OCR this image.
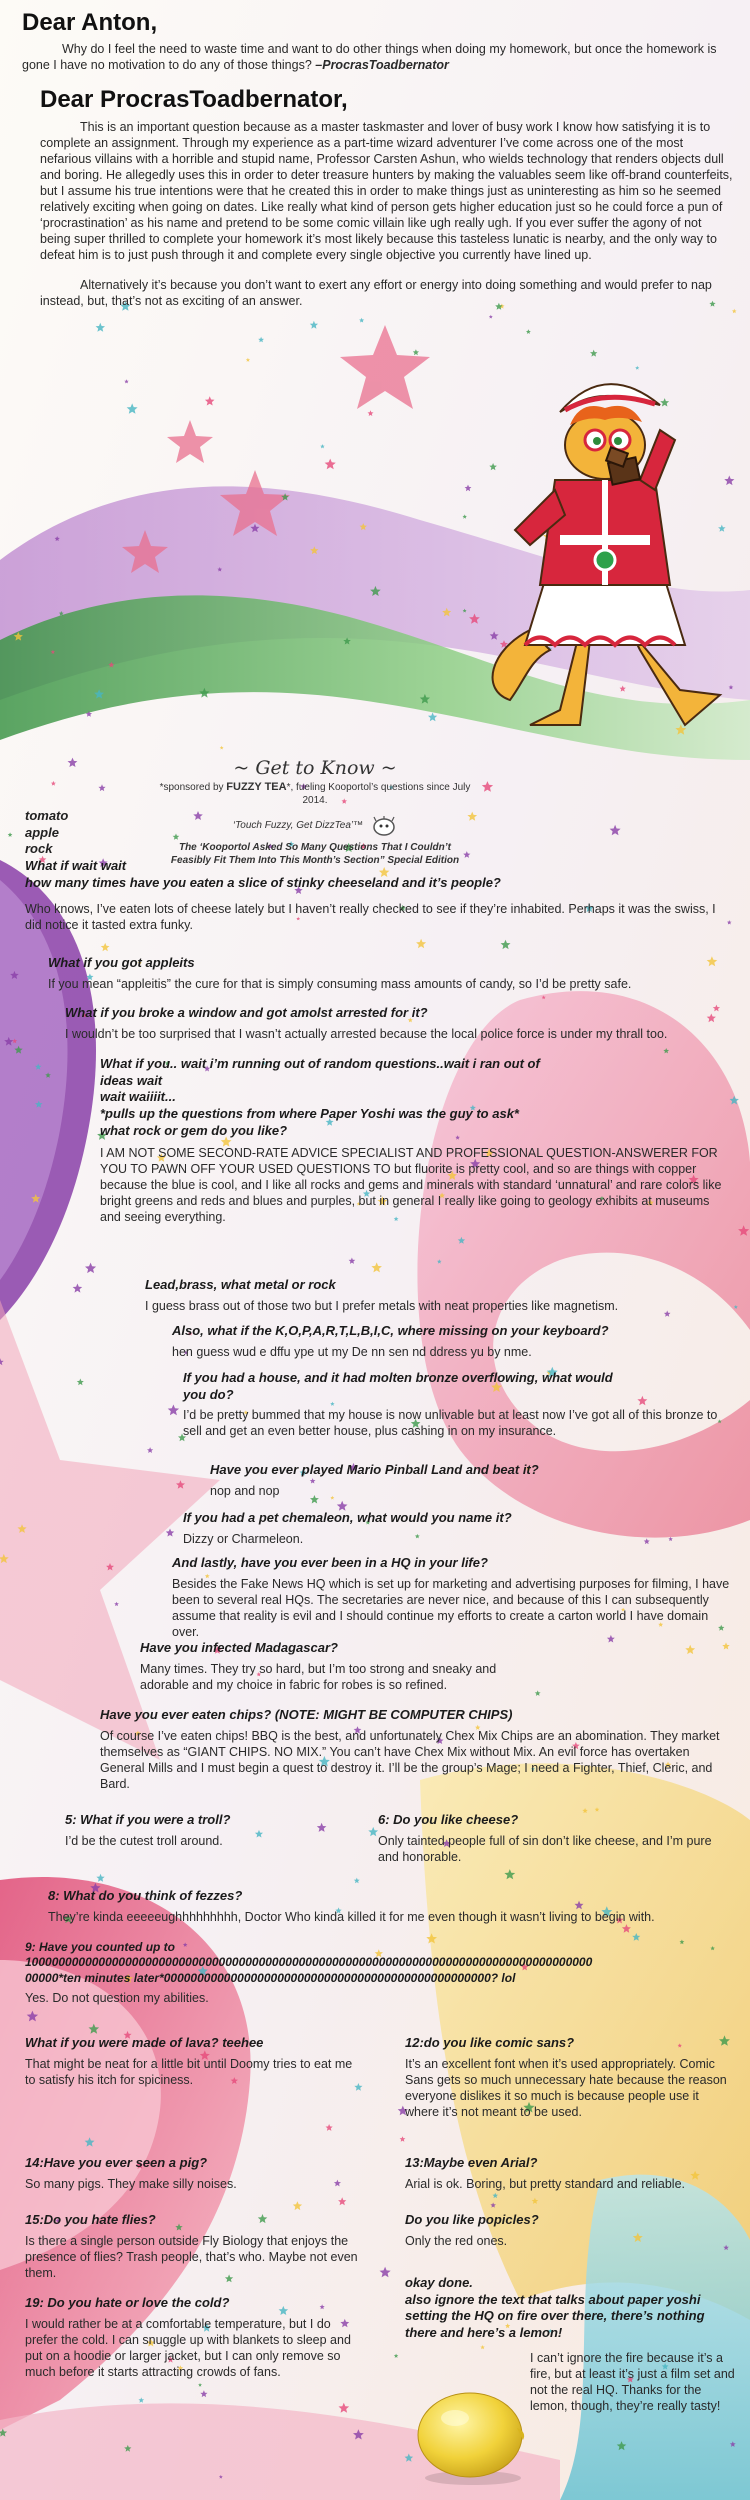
Dear Anton,

Why do I feel the need to waste time and want to do other things when doing my homework, but once the homework is gone I have no motivation to do any of those things? –ProcrasToadbernator

Dear ProcrasToadbernator,

This is an important question because as a master taskmaster and lover of busy work I know how satisfying it is to complete an assignment. Through my experience as a part-time wizard adventurer I’ve come across one of the most nefarious villains with a horrible and stupid name, Professor Carsten Ashun, who wields technology that renders objects dull and boring. He allegedly uses this in order to deter treasure hunters by making the valuables seem like off-brand counterfeits, but I assume his true intentions were that he created this in order to make things just as uninteresting as him so he seemed relatively exciting when going on dates. Like really what kind of person gets higher education just so he could force a pun of ‘procrastination’ as his name and pretend to be some comic villain like ugh really ugh. If you ever suffer the agony of not being super thrilled to complete your homework it’s most likely because this tasteless lunatic is nearby, and the only way to defeat him is to just push through it and complete every single objective you currently have lined up.

Alternatively it’s because you don’t want to exert any effort or energy into doing something and would prefer to nap instead, but, that’s not as exciting of an answer.

~ Get to Know ~
*sponsored by FUZZY TEA*, fueling Kooportol’s questions since July 2014.
‘Touch Fuzzy, Get DizzTea’™
The ‘Kooportol Asked So Many Questions That I Couldn’t Feasibly Fit Them Into This Month’s Section” Special Edition
tomato
apple
rock
What if wait wait
how many times have you eaten a slice of stinky cheeseland and it’s people?
Who knows, I’ve eaten lots of cheese lately but I haven’t really checked to see if they’re inhabited. Perhaps it was the swiss, I did notice it tasted extra funky.
What if you got appleits
If you mean “appleitis” the cure for that is simply consuming mass amounts of candy, so I’d be pretty safe.
What if you broke a window and got amolst arrested for it?
I wouldn’t be too surprised that I wasn’t actually arrested because the local police force is under my thrall too.
What if you.. wait i’m running out of random questions..wait i ran out of ideas wait
wait waiiiit...
*pulls up the questions from where Paper Yoshi was the guy to ask*
what rock or gem do you like?
I AM NOT SOME SECOND-RATE ADVICE SPECIALIST AND PROFESSIONAL QUESTION-ANSWERER FOR YOU TO PAWN OFF YOUR USED QUESTIONS TO but fluorite is pretty cool, and so are things with copper because the blue is cool, and I like all rocks and gems and minerals with standard ‘unnatural’ and rare colors like bright greens and reds and blues and purples, but in general I really like going to geology exhibits at museums and seeing everything.
Lead,brass, what metal or rock
I guess brass out of those two but I prefer metals with neat properties like magnetism.
Also, what if the K,O,P,A,R,T,L,B,I,C, where missing on your keyboard?
hen guess wud e dffu ype ut my De nn sen nd ddress yu by nme.
If you had a house, and it had molten bronze overflowing, what would you do?
I’d be pretty bummed that my house is now unlivable but at least now I’ve got all of this bronze to sell and get an even better house, plus cashing in on my insurance.
Have you ever played Mario Pinball Land and beat it?
nop and nop
If you had a pet chemaleon, what would you name it?
Dizzy or Charmeleon.
And lastly, have you ever been in a HQ in your life?
Besides the Fake News HQ which is set up for marketing and advertising purposes for filming, I have been to several real HQs. The secretaries are never nice, and because of this I can subsequently assume that reality is evil and I should continue my efforts to create a carton world I have domain over.
Have you infected Madagascar?
Many times. They try so hard, but I’m too strong and sneaky and adorable and my choice in fabric for robes is so refined.
Have you ever eaten chips? (NOTE: MIGHT BE COMPUTER CHIPS)
Of course I’ve eaten chips! BBQ is the best, and unfortunately Chex Mix Chips are an abomination. They market themselves as “GIANT CHIPS. NO MIX.” You can’t have Chex Mix without Mix. An evil force has overtaken General Mills and I must begin a quest to destroy it. I’ll be the group’s Mage; I need a Fighter, Thief, Cleric, and Bard.
5: What if you were a troll?
I’d be the cutest troll around.
6: Do you like cheese?
Only tainted people full of sin don’t like cheese, and I’m pure and honorable.
8: What do you think of fezzes?
They’re kinda eeeeeughhhhhhhhh, Doctor Who kinda killed it for me even though it wasn’t living to begin with.
9: Have you counted up to
1000000000000000000000000000000000000000000000000000000000000000000000000000000000000
00000*ten minutes later*0000000000000000000000000000000000000000000000000? lol
Yes. Do not question my abilities.
What if you were made of lava? teehee
That might be neat for a little bit until Doomy tries to eat me to satisfy his itch for spiciness.
12:do you like comic sans?
It’s an excellent font when it’s used appropriately. Comic Sans gets so much unnecessary hate because the reason everyone dislikes it so much is because people use it where it’s not meant to be used.
14:Have you ever seen a pig?
So many pigs. They make silly noises.
13:Maybe even Arial?
Arial is ok. Boring, but pretty standard and reliable.
15:Do you hate flies?
Is there a single person outside Fly Biology that enjoys the presence of flies? Trash people, that’s who. Maybe not even them.
Do you like popicles?
Only the red ones.
19: Do you hate or love the cold?
I would rather be at a comfortable temperature, but I do prefer the cold. I can snuggle up with blankets to sleep and put on a hoodie or larger jacket, but I can only remove so much before it starts attracting crowds of fans.
okay done.
also ignore the text that talks about paper yoshi setting the HQ on fire over there, there’s nothing there and here’s a lemon!
I can’t ignore the fire because it’s a fire, but at least it’s just a film set and not the real HQ. Thanks for the lemon, though, they’re really tasty!
